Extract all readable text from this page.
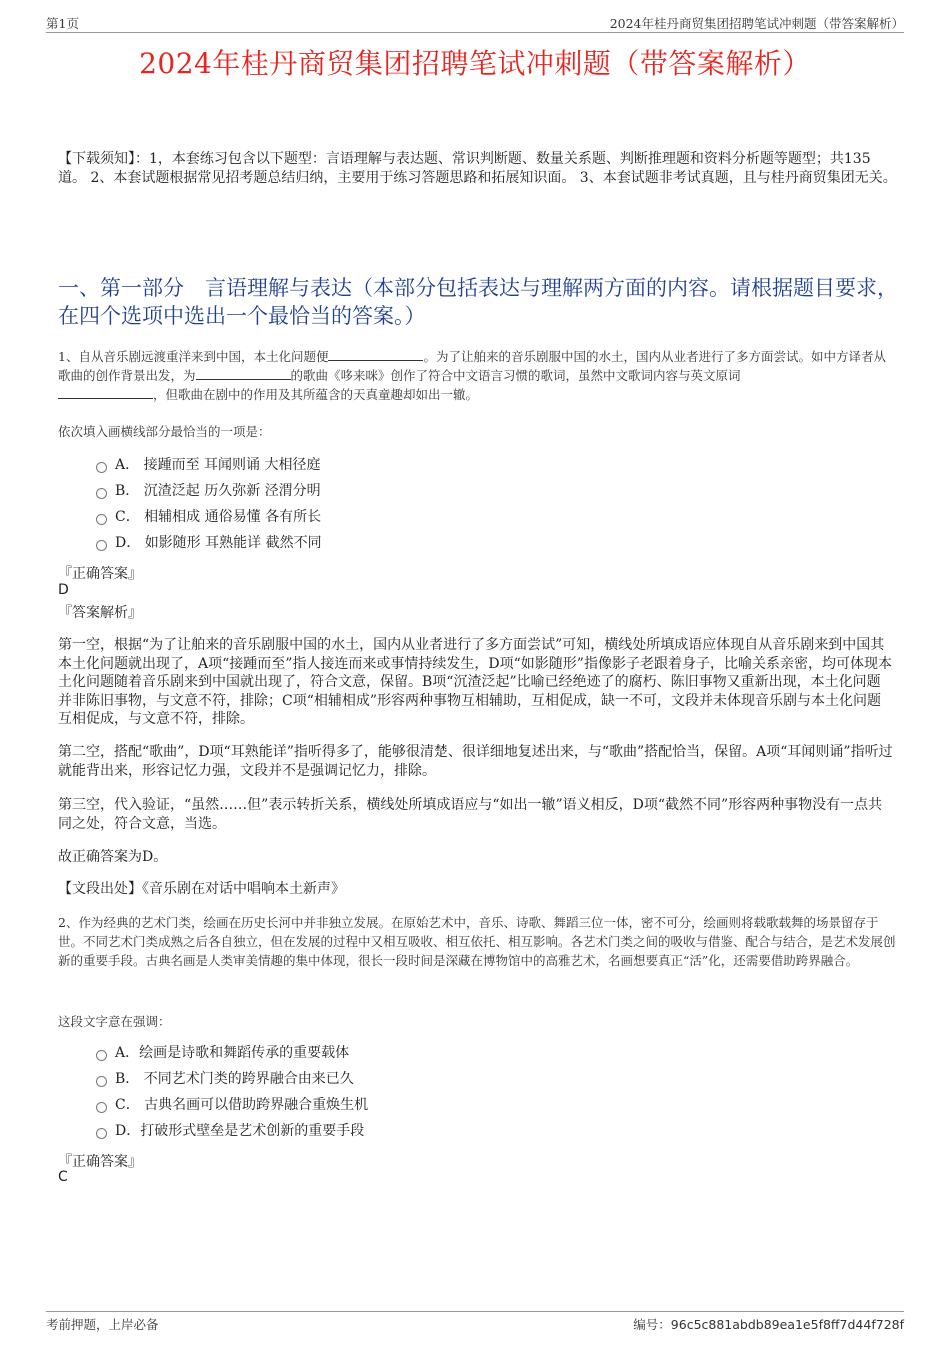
第1页	2024年桂丹商贸集团招聘笔试冲刺题（带答案解析）
2024年桂丹商贸集团招聘笔试冲刺题（带答案解析）
【下载须知】：1，本套练习包含以下题型：言语理解与表达题、常识判断题、数量关系题、判断推理题和资料分析题等题型；共135道。 2、本套试题根据常见招考题总结归纳，主要用于练习答题思路和拓展知识面。 3、本套试题非考试真题，且与桂丹商贸集团无关。
一、第一部分　言语理解与表达（本部分包括表达与理解两方面的内容。请根据题目要求，在四个选项中选出一个最恰当的答案。）
1、自从音乐剧远渡重洋来到中国，本土化问题便	。为了让舶来的音乐剧服中国的水土，国内从业者进行了多方面尝试。如中方译者从歌曲的创作背景出发，为	的歌曲《哆来咪》创作了符合中文语言习惯的歌词，虽然中文歌词内容与英文原词
，但歌曲在剧中的作用及其所蕴含的天真童趣却如出一辙。
依次填入画横线部分最恰当的一项是：
A． 接踵而至 耳闻则诵 大相径庭
B． 沉渣泛起 历久弥新 泾渭分明
C． 相辅相成 通俗易懂 各有所长
D． 如影随形 耳熟能详 截然不同
『正确答案』
D
『答案解析』
第一空，根据“为了让舶来的音乐剧服中国的水土，国内从业者进行了多方面尝试”可知，横线处所填成语应体现自从音乐剧来到中国其本土化问题就出现了，A项“接踵而至”指人接连而来或事情持续发生，D项“如影随形”指像影子老跟着身子，比喻关系亲密，均可体现本土化问题随着音乐剧来到中国就出现了，符合文意，保留。B项“沉渣泛起”比喻已经绝迹了的腐朽、陈旧事物又重新出现，本土化问题并非陈旧事物，与文意不符，排除；C项“相辅相成”形容两种事物互相辅助，互相促成，缺一不可，文段并未体现音乐剧与本土化问题互相促成，与文意不符，排除。
第二空，搭配“歌曲”，D项“耳熟能详”指听得多了，能够很清楚、很详细地复述出来，与“歌曲”搭配恰当，保留。A项“耳闻则诵”指听过就能背出来，形容记忆力强，文段并不是强调记忆力，排除。
第三空，代入验证，“虽然……但”表示转折关系，横线处所填成语应与“如出一辙”语义相反，D项“截然不同”形容两种事物没有一点共同之处，符合文意，当选。
故正确答案为D。
【文段出处】《音乐剧在对话中唱响本土新声》
2、作为经典的艺术门类，绘画在历史长河中并非独立发展。在原始艺术中，音乐、诗歌、舞蹈三位一体，密不可分，绘画则将载歌载舞的场景留存于世。不同艺术门类成熟之后各自独立，但在发展的过程中又相互吸收、相互依托、相互影响。各艺术门类之间的吸收与借鉴、配合与结合，是艺术发展创新的重要手段。古典名画是人类审美情趣的集中体现，很长一段时间是深藏在博物馆中的高雅艺术，名画想要真正“活”化，还需要借助跨界融合。
这段文字意在强调：
A．绘画是诗歌和舞蹈传承的重要载体
B． 不同艺术门类的跨界融合由来已久
C． 古典名画可以借助跨界融合重焕生机
D．打破形式壁垒是艺术创新的重要手段
『正确答案』
C
考前押题，上岸必备	编号：96c5c881abdb89ea1e5f8ff7d44f728f
